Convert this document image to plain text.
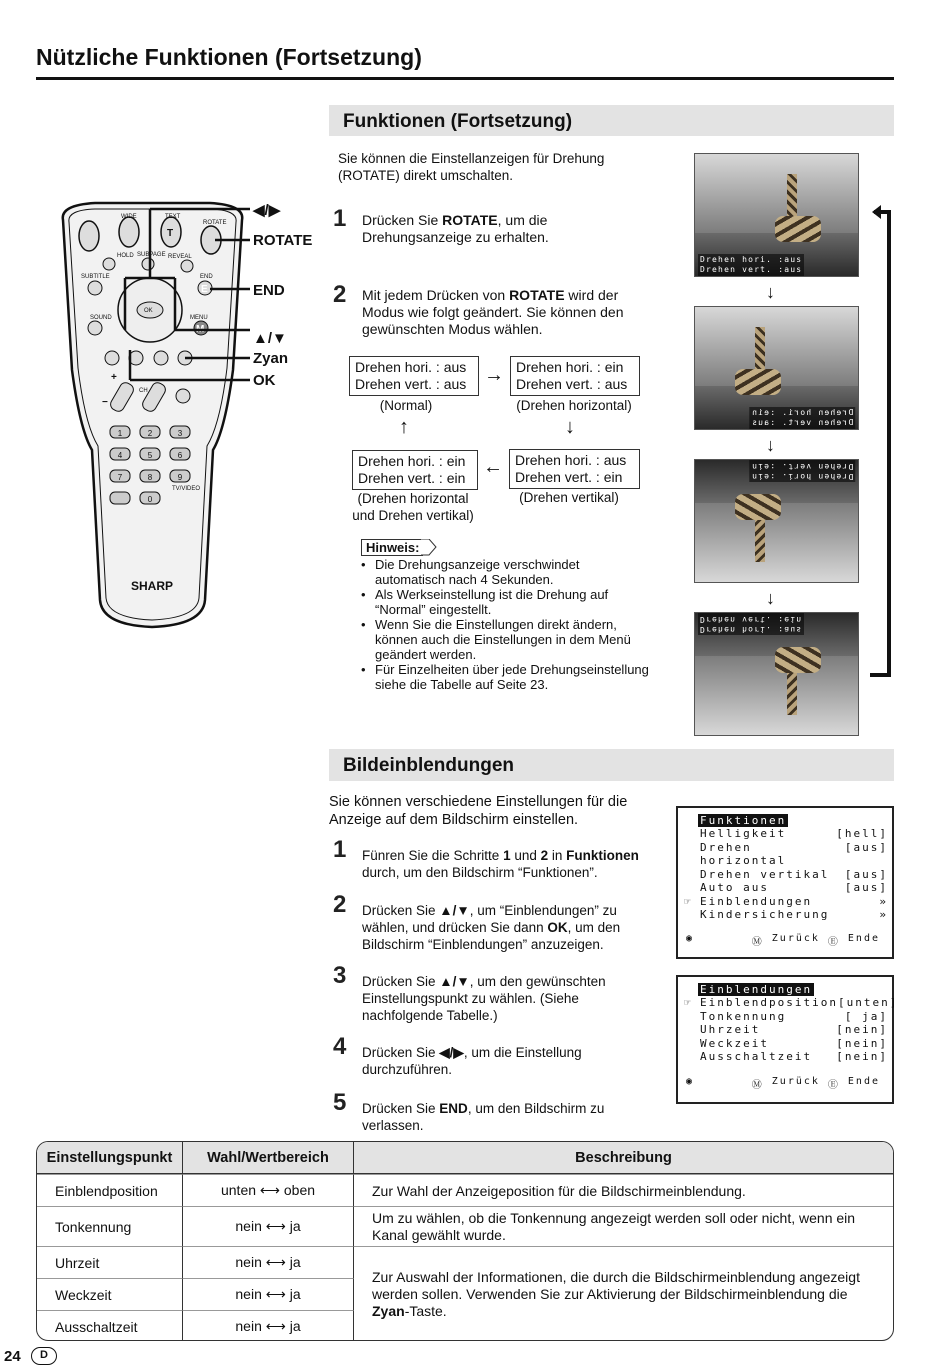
Nützliche Funktionen (Fortsetzung)
Funktionen (Fortsetzung)
Sie können die Einstellanzeigen für Drehung (ROTATE) direkt umschalten.
WIDE	TEXT
ROTATE
HOLD SUBPAGE REVEAL
SUBTITLE	END
SOUND	MENU
OK
CH
TV/VIDEO
T
E
M
+
−
1	2	3
4	5	6
7	8	9
0
SHARP
◀/▶
ROTATE
END
▲/▼
Zyan
OK
1 Drücken Sie ROTATE, um die Drehungsanzeige zu erhalten.
2 Mit jedem Drücken von ROTATE wird der Modus wie folgt geändert. Sie können den gewünschten Modus wählen.
Drehen hori. : aus
Drehen vert. : aus
(Normal)
→ Drehen hori. : ein
Drehen vert. : aus
(Drehen horizontal)
↓
↑
Drehen hori. : ein
Drehen vert. : ein
(Drehen horizontal
und Drehen vertikal)
← Drehen hori. : aus
Drehen vert. : ein
(Drehen vertikal)
Hinweis:
• Die Drehungsanzeige verschwindet automatisch nach 4 Sekunden.
• Als Werkseinstellung ist die Drehung auf “Normal” eingestellt.
• Wenn Sie die Einstellungen direkt ändern, können auch die Einstellungen in dem Menü geändert werden.
• Für Einzelheiten über jede Drehungseinstellung siehe die Tabelle auf Seite 23.
Drehen hori. :aus
Drehen vert. :aus
↓
Drehen hori. :ein
Drehen vert. :aus
↓
Drehen hori. :ein
Drehen vert. :ein
↓
Drehen hori. :aus
Drehen vert. :ein
Bildeinblendungen
Sie können verschiedene Einstellungen für die Anzeige auf dem Bildschirm einstellen.
1 Fünren Sie die Schritte 1 und 2 in Funktionen durch, um den Bildschirm “Funktionen”.
2 Drücken Sie ▲/▼, um “Einblendungen” zu wählen, und drücken Sie dann OK, um den Bildschirm “Einblendungen” anzuzeigen.
3 Drücken Sie ▲/▼, um den gewünschten Einstellungspunkt zu wählen. (Siehe nachfolgende Tabelle.)
4 Drücken Sie ◀/▶, um die Einstellung durchzuführen.
5 Drücken Sie END, um den Bildschirm zu verlassen.
Funktionen
Helligkeit	[hell]
Drehen horizontal
[aus]
Drehen vertikal [aus]
Auto aus	[aus]
☞ Einblendungen	»
Kindersicherung	»
◉	Ⓜ Zurück Ⓔ Ende
Einblendungen
☞ Einblendposition [unten]
Tonkennung	[ ja]
Uhrzeit	[nein]
Weckzeit	[nein]
Ausschaltzeit [nein]
◉	Ⓜ Zurück Ⓔ Ende
Einstellungspunkt	Wahl/Wertbereich	Beschreibung
Einblendposition	unten ⟷ oben	Zur Wahl der Anzeigeposition für die Bildschirmeinblendung.
Tonkennung	nein ⟷ ja	Um zu wählen, ob die Tonkennung angezeigt werden soll oder nicht, wenn ein Kanal gewählt wurde.
Uhrzeit	nein ⟷ ja	Zur Auswahl der Informationen, die durch die Bildschirmeinblendung angezeigt werden sollen. Verwenden Sie zur Aktivierung der Bildschirmeinblendung die Zyan-Taste.
Weckzeit	nein ⟷ ja	
Ausschaltzeit	nein ⟷ ja	
24	D
